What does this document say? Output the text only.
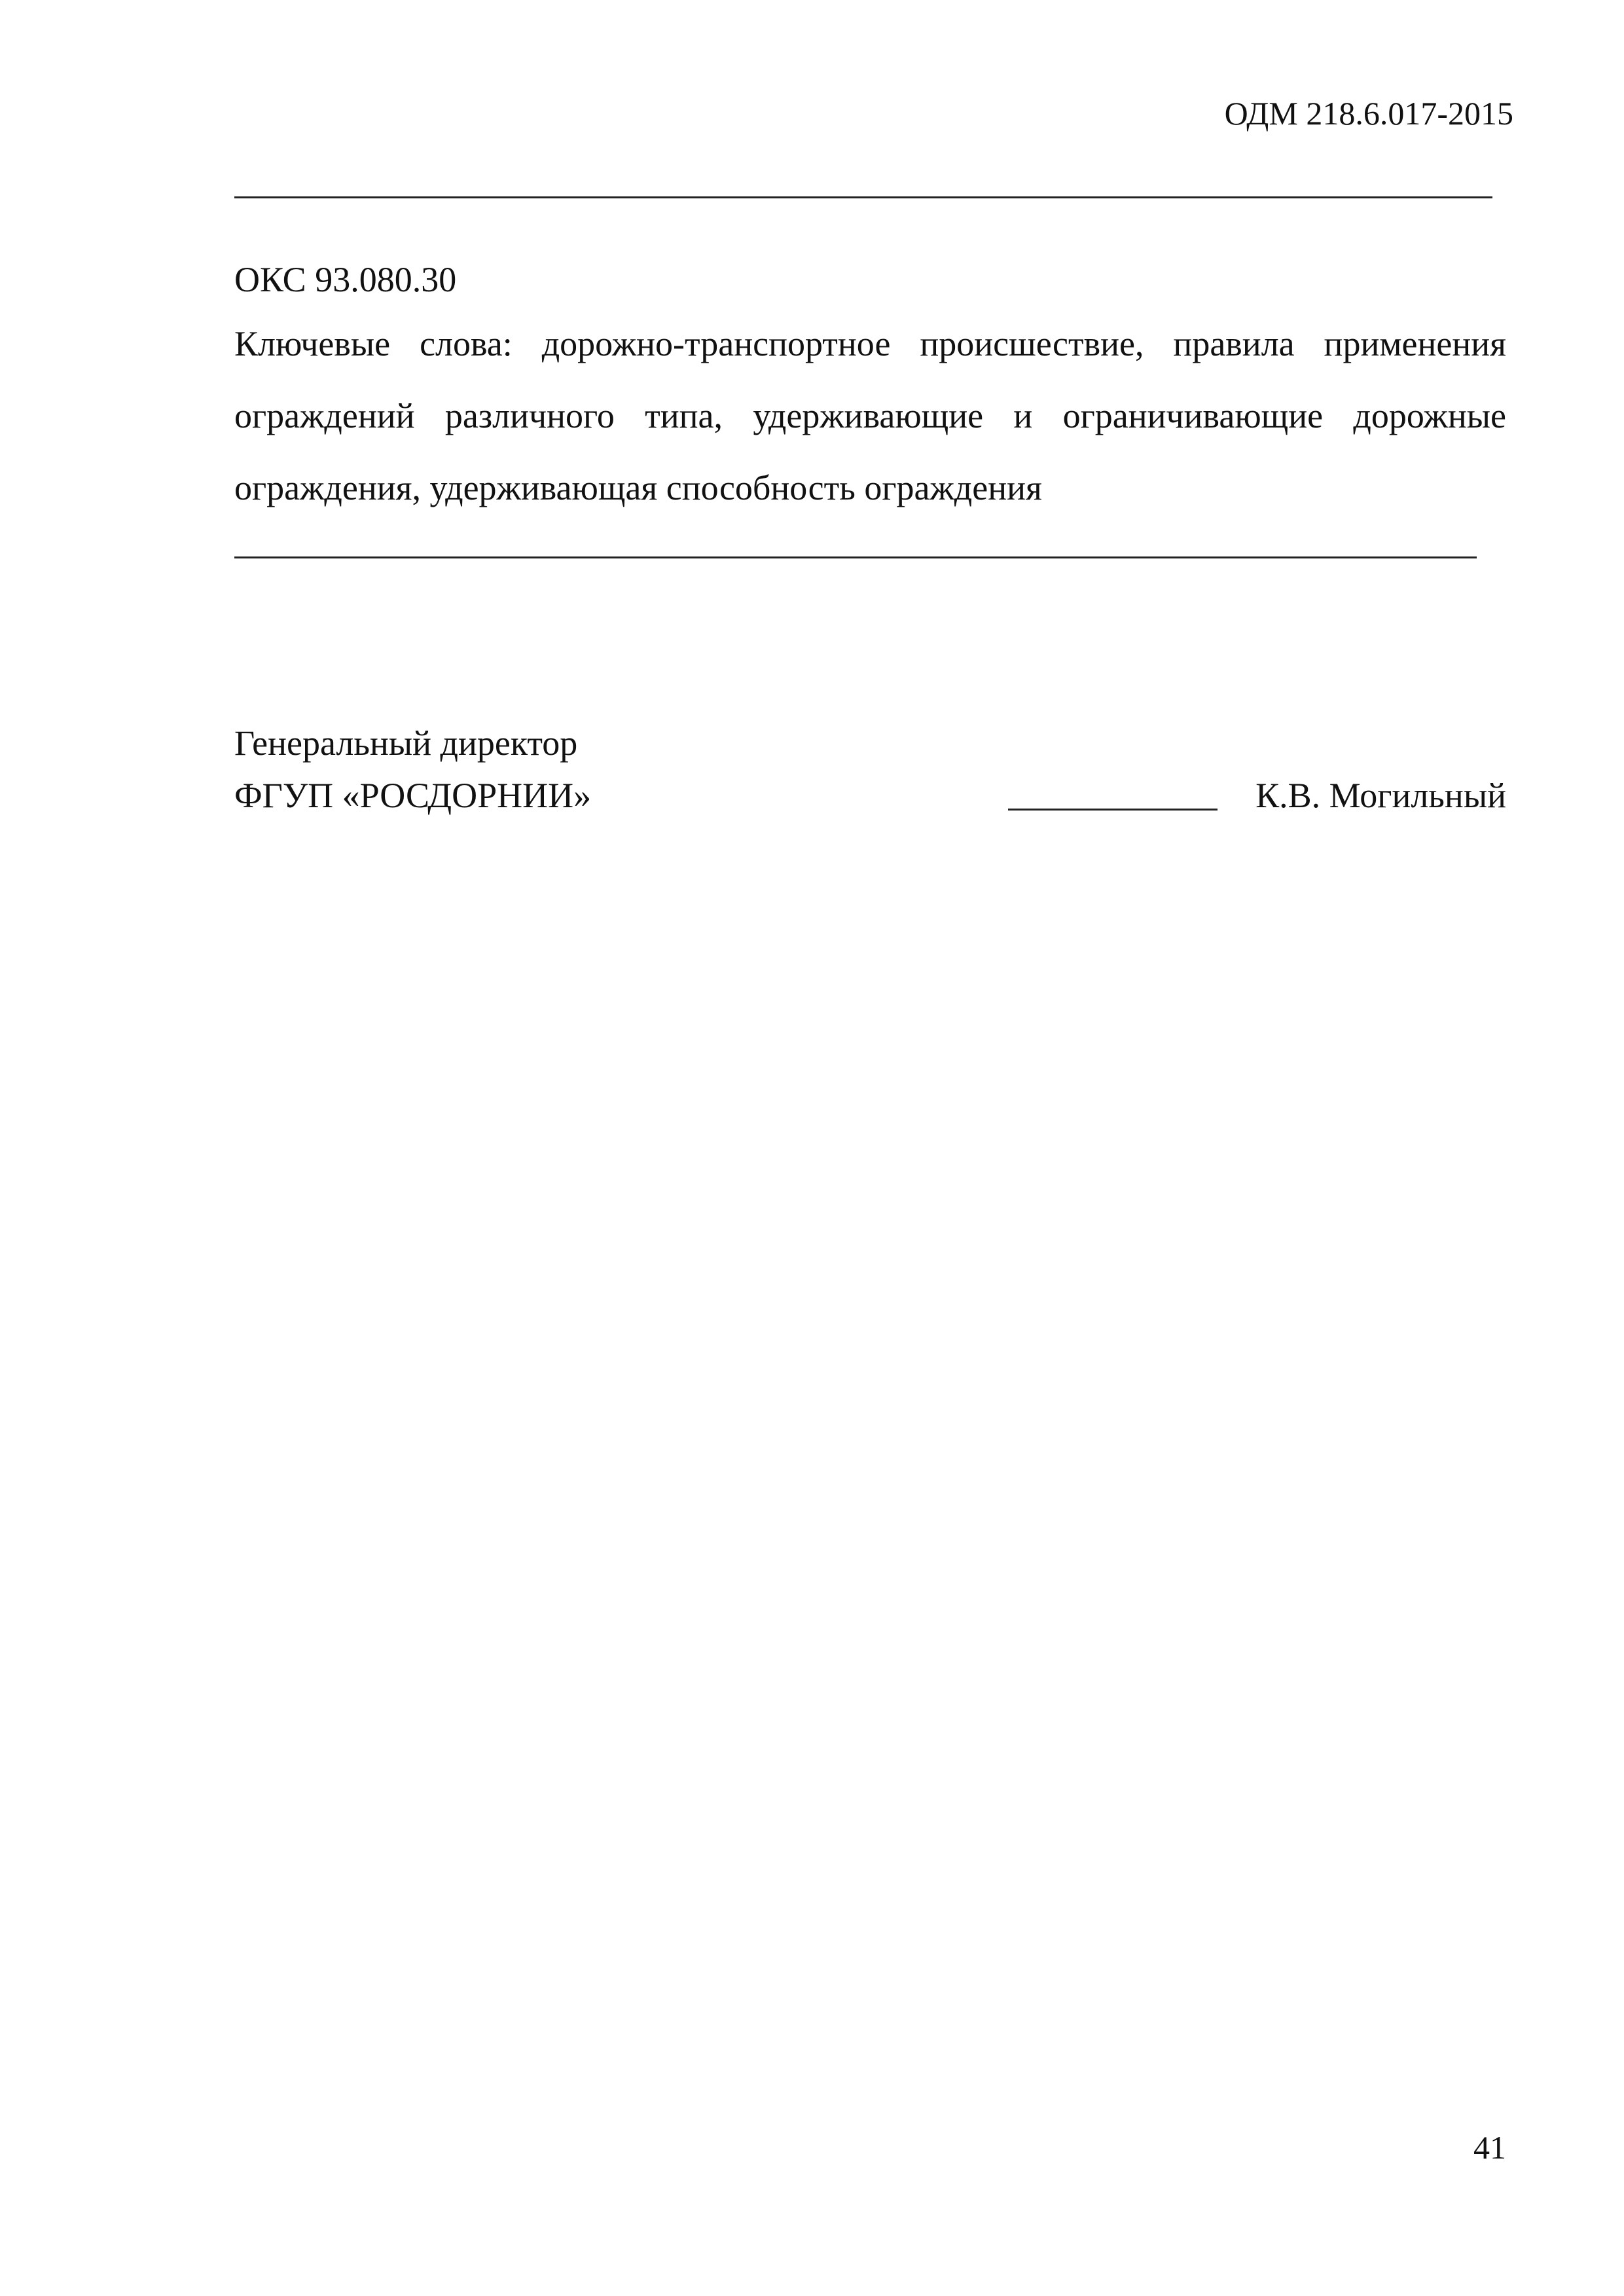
ОДМ 218.6.017-2015
ОКС 93.080.30
Ключевые слова: дорожно-транспортное происшествие, правила применения
ограждений различного типа, удерживающие и ограничивающие дорожные
ограждения, удерживающая способность ограждения
Генеральный директор
ФГУП «РОСДОРНИИ»	К.В. Могильный
41
